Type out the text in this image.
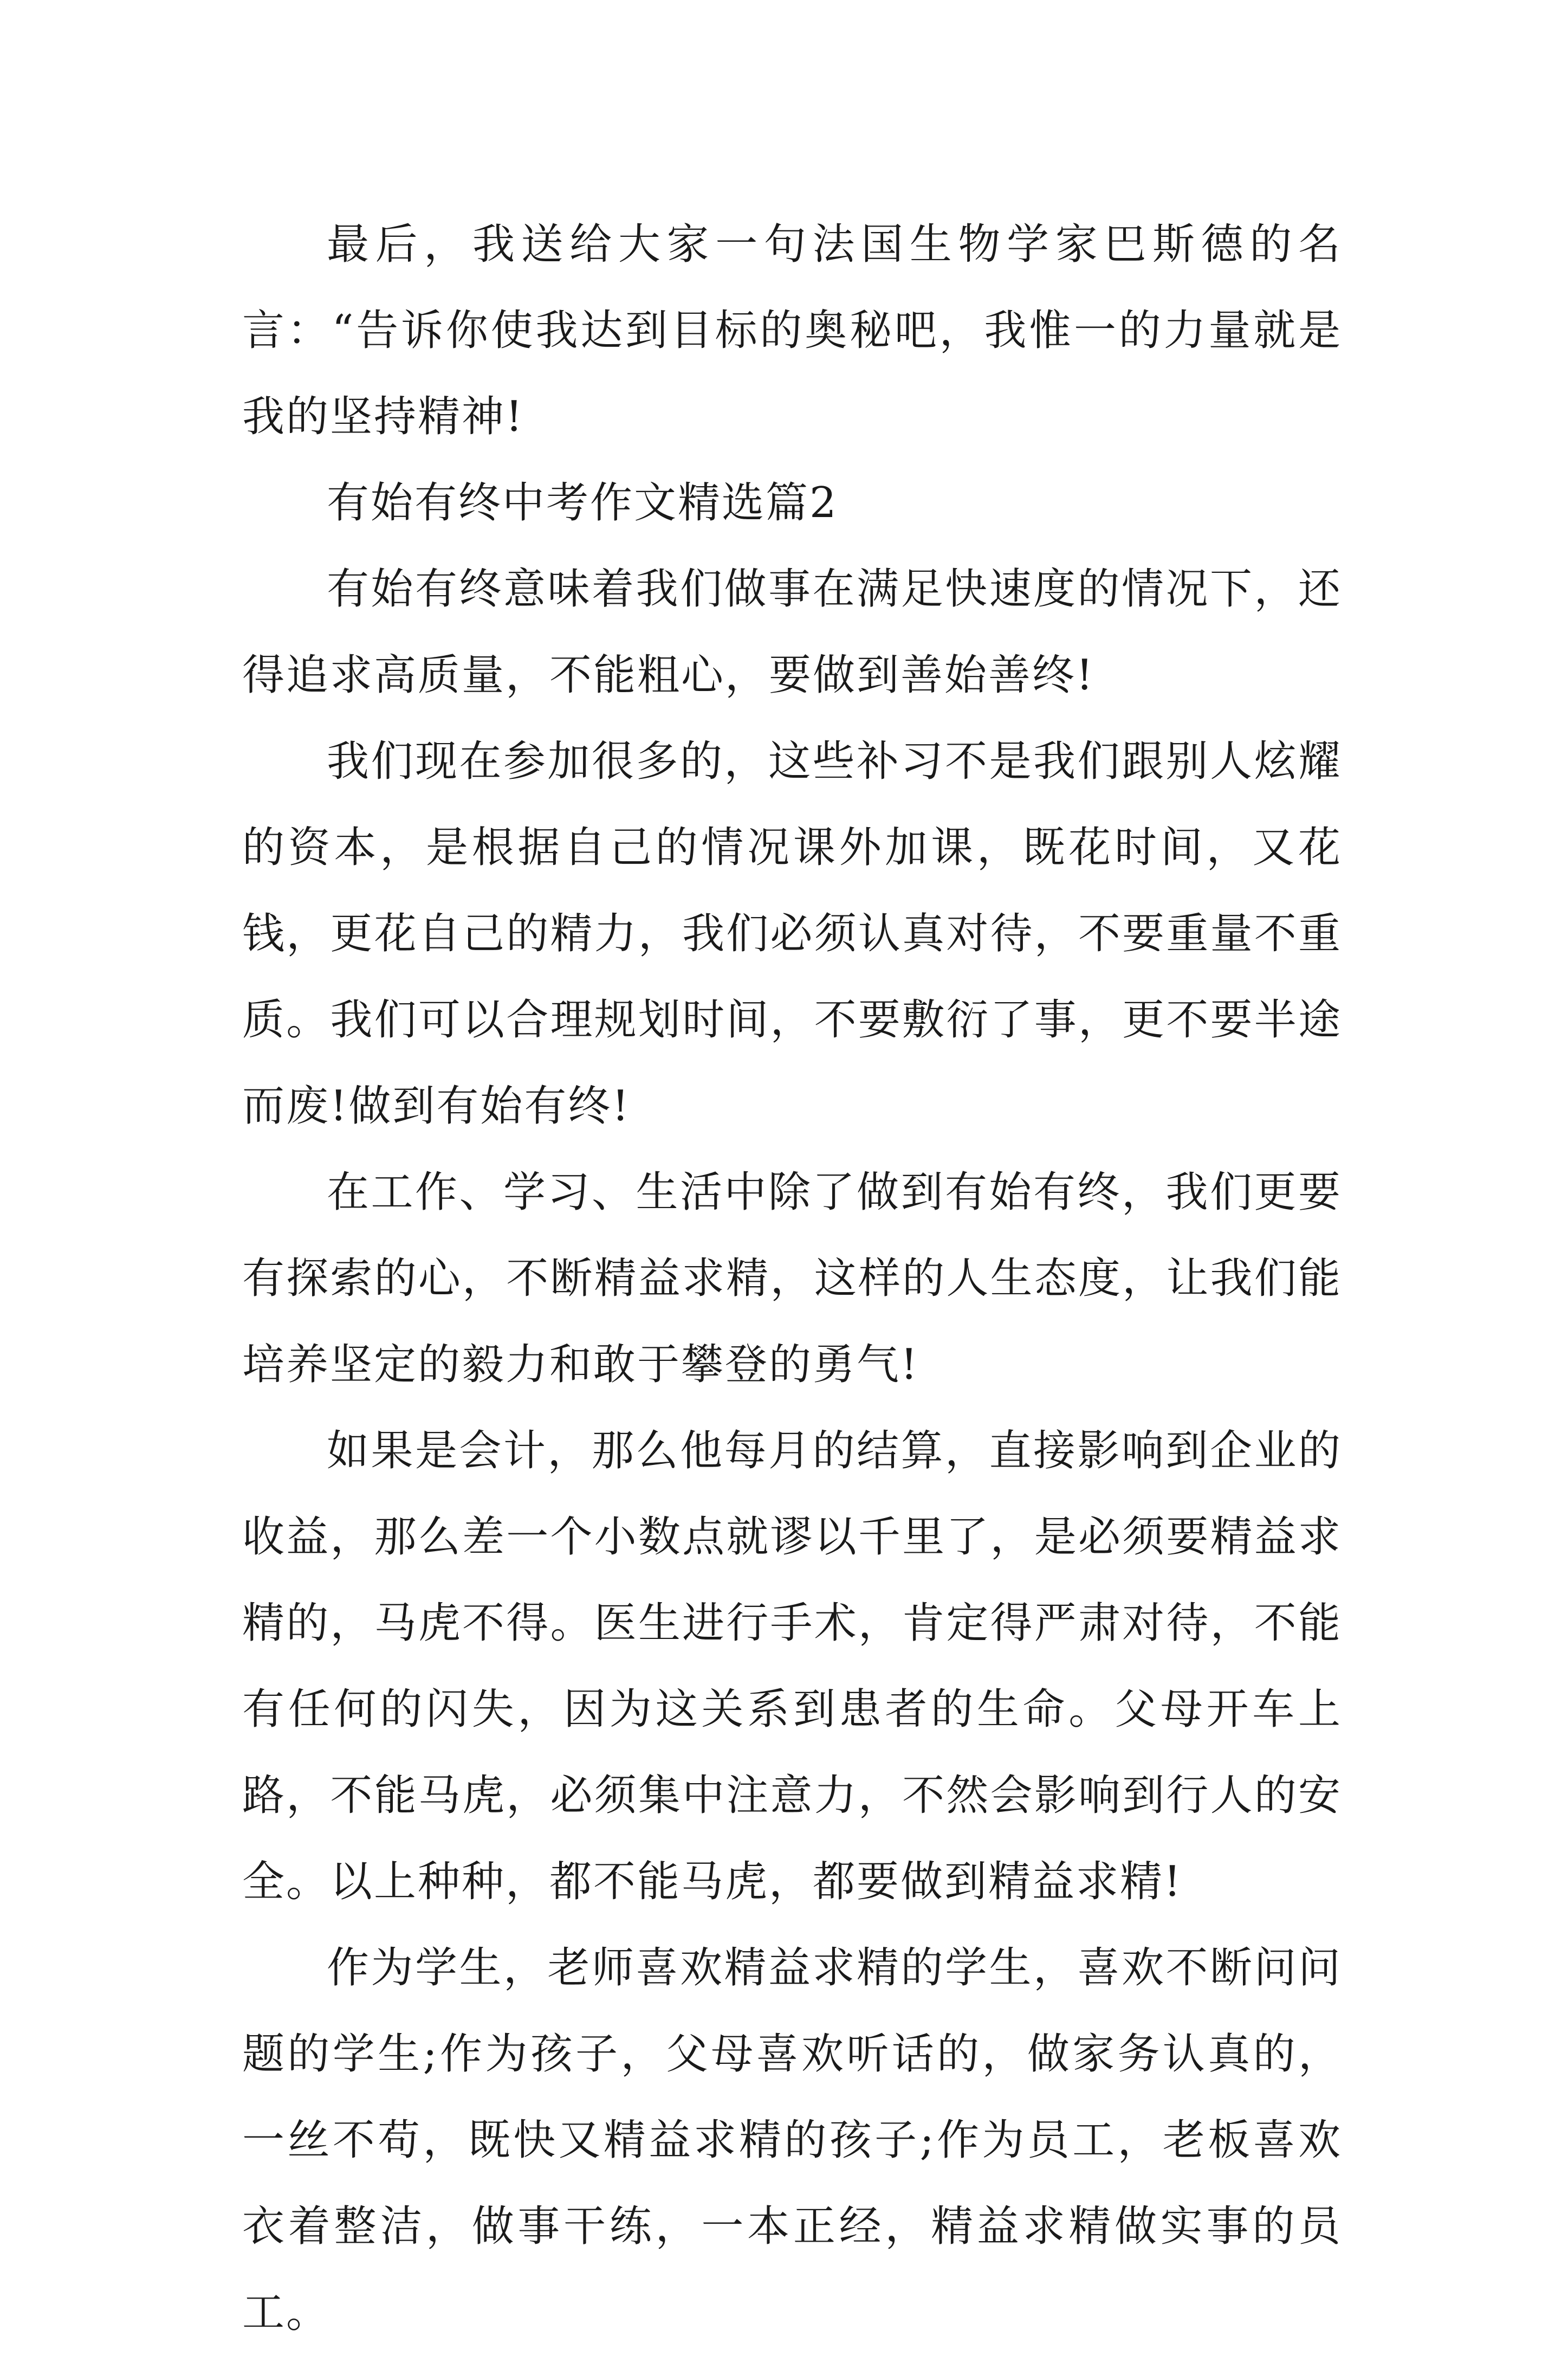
最后，我送给大家一句法国生物学家巴斯德的名言：“告诉你使我达到目标的奥秘吧，我惟一的力量就是我的坚持精神!

有始有终中考作文精选篇2

有始有终意味着我们做事在满足快速度的情况下，还得追求高质量，不能粗心，要做到善始善终!

我们现在参加很多的，这些补习不是我们跟别人炫耀的资本，是根据自己的情况课外加课，既花时间，又花钱，更花自己的精力，我们必须认真对待，不要重量不重质。我们可以合理规划时间，不要敷衍了事，更不要半途而废!做到有始有终!

在工作、学习、生活中除了做到有始有终，我们更要有探索的心，不断精益求精，这样的人生态度，让我们能培养坚定的毅力和敢于攀登的勇气!

如果是会计，那么他每月的结算，直接影响到企业的收益，那么差一个小数点就谬以千里了，是必须要精益求精的，马虎不得。医生进行手术，肯定得严肃对待，不能有任何的闪失，因为这关系到患者的生命。父母开车上路，不能马虎，必须集中注意力，不然会影响到行人的安全。以上种种，都不能马虎，都要做到精益求精!

作为学生，老师喜欢精益求精的学生，喜欢不断问问题的学生;作为孩子，父母喜欢听话的，做家务认真的，一丝不苟，既快又精益求精的孩子;作为员工，老板喜欢衣着整洁，做事干练，一本正经，精益求精做实事的员工。
